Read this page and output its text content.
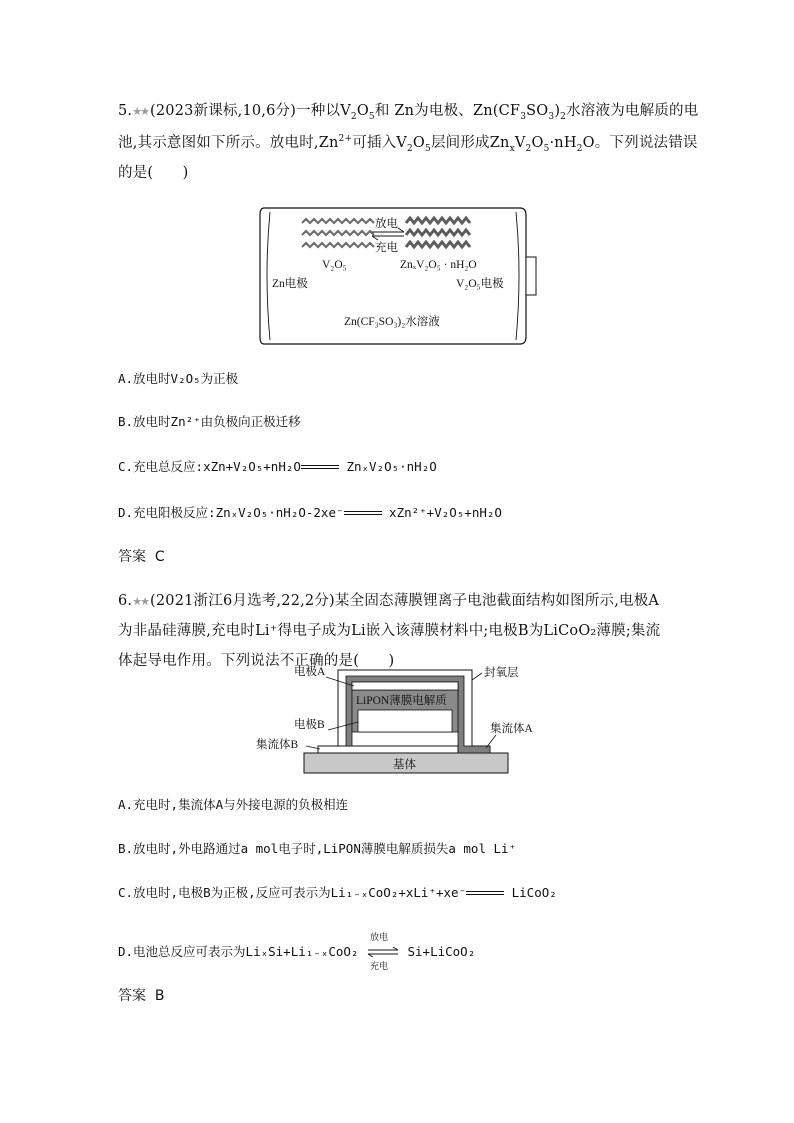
5.★★ (2023新课标,10,6分)一种以$V_2O_5$和 Zn为电极、$Zn(CF_3SO_3)_2$水溶液为电解质的电
池,其示意图如下所示。放电时$,Zn^{2+}$可插入$V_2O_5$层间形成$Zn_xV_2O_5\cdot nH_2O$。下列说法错误
的是(　　)
放电
充电
V₂O₅	ZnₓV₂O₅ · nH₂O
Zn电极	V₂O₅电极
Zn(CF₃SO₃)₂水溶液
A.放电时V₂O₅为正极
B.放电时Zn²⁺由负极向正极迁移
C.充电总反应:xZn+V₂O₅+nH₂O	ZnₓV₂O₅·nH₂O
D.充电阳极反应:ZnₓV₂O₅·nH₂O-2xe⁻	xZn²⁺+V₂O₅+nH₂O
答案 C
6.★★ (2021浙江6月选考,22,2分)某全固态薄膜锂离子电池截面结构如图所示,电极A
为非晶硅薄膜,充电时Li⁺得电子成为Li嵌入该薄膜材料中;电极B为LiCoO₂薄膜;集流
体起导电作用。下列说法不正确的是(　　)
基体
LiPON薄膜电解质
电极A
电极B
集流体B
封氧层
集流体A
A.充电时,集流体A与外接电源的负极相连
B.放电时,外电路通过a mol电子时,LiPON薄膜电解质损失a mol Li⁺
C.放电时,电极B为正极,反应可表示为Li₁₋ₓCoO₂+xLi⁺+xe⁻	LiCoO₂
D.电池总反应可表示为LiₓSi+Li₁₋ₓCoO₂
放电
充电
Si+LiCoO₂
答案 B
